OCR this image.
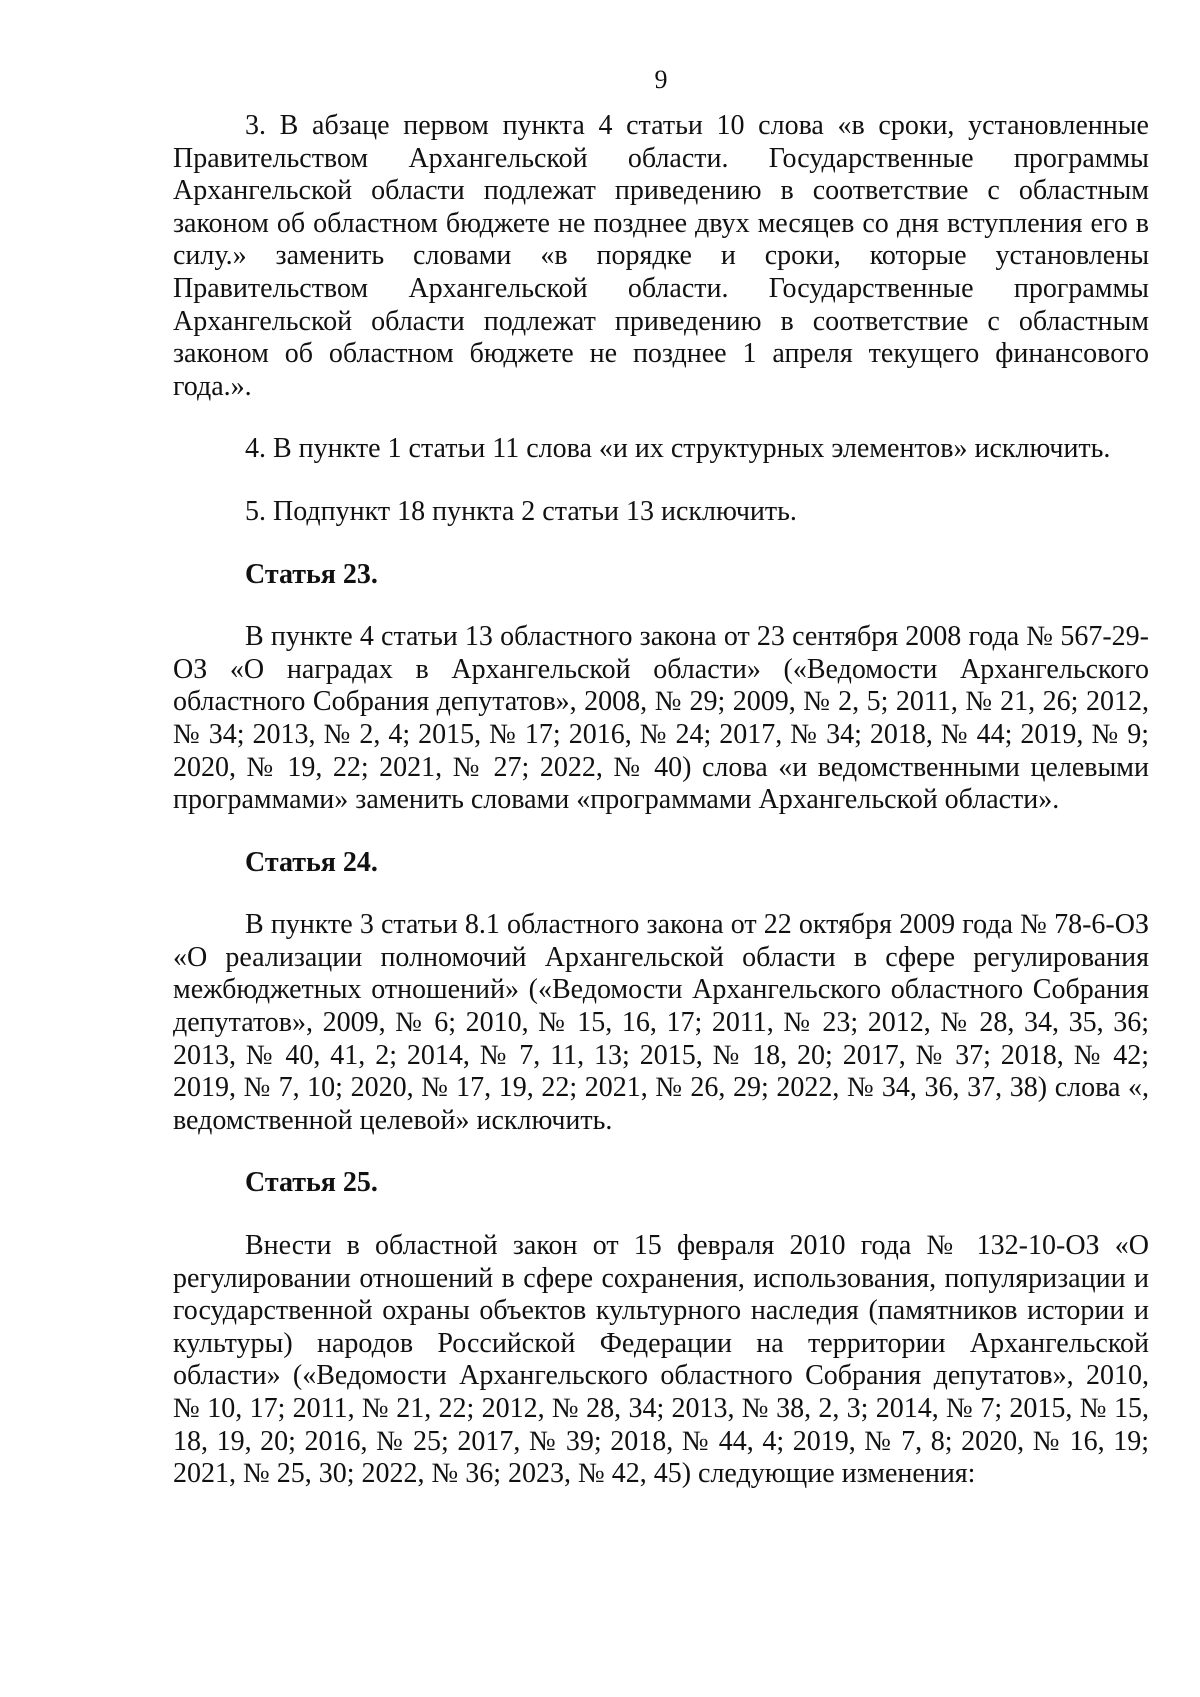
9

3. В абзаце первом пункта 4 статьи 10 слова «в сроки, установленные Правительством Архангельской области. Государственные программы Архангельской области подлежат приведению в соответствие с областным законом об областном бюджете не позднее двух месяцев со дня вступления его в силу.» заменить словами «в порядке и сроки, которые установлены Правительством Архангельской области. Государственные программы Архангельской области подлежат приведению в соответствие с областным законом об областном бюджете не позднее 1 апреля текущего финансового года.».

4. В пункте 1 статьи 11 слова «и их структурных элементов» исключить.

5. Подпункт 18 пункта 2 статьи 13 исключить.

Статья 23.

В пункте 4 статьи 13 областного закона от 23 сентября 2008 года № 567-29-ОЗ «О наградах в Архангельской области» («Ведомости Архангельского областного Собрания депутатов», 2008, № 29; 2009, № 2, 5; 2011, № 21, 26; 2012, № 34; 2013, № 2, 4; 2015, № 17; 2016, № 24; 2017, № 34; 2018, № 44; 2019, № 9; 2020, № 19, 22; 2021, № 27; 2022, № 40) слова «и ведомственными целевыми программами» заменить словами «программами Архангельской области».

Статья 24.

В пункте 3 статьи 8.1 областного закона от 22 октября 2009 года № 78-6-ОЗ «О реализации полномочий Архангельской области в сфере регулирования межбюджетных отношений» («Ведомости Архангельского областного Собрания депутатов», 2009, № 6; 2010, № 15, 16, 17; 2011, № 23; 2012, № 28, 34, 35, 36; 2013, № 40, 41, 2; 2014, № 7, 11, 13; 2015, № 18, 20; 2017, № 37; 2018, № 42; 2019, № 7, 10; 2020, № 17, 19, 22; 2021, № 26, 29; 2022, № 34, 36, 37, 38) слова «, ведомственной целевой» исключить.

Статья 25.

Внести в областной закон от 15 февраля 2010 года № 132-10-ОЗ «О регулировании отношений в сфере сохранения, использования, популяризации и государственной охраны объектов культурного наследия (памятников истории и культуры) народов Российской Федерации на территории Архангельской области» («Ведомости Архангельского областного Собрания депутатов», 2010, № 10, 17; 2011, № 21, 22; 2012, № 28, 34; 2013, № 38, 2, 3; 2014, № 7; 2015, № 15, 18, 19, 20; 2016, № 25; 2017, № 39; 2018, № 44, 4; 2019, № 7, 8; 2020, № 16, 19; 2021, № 25, 30; 2022, № 36; 2023, № 42, 45) следующие изменения:
